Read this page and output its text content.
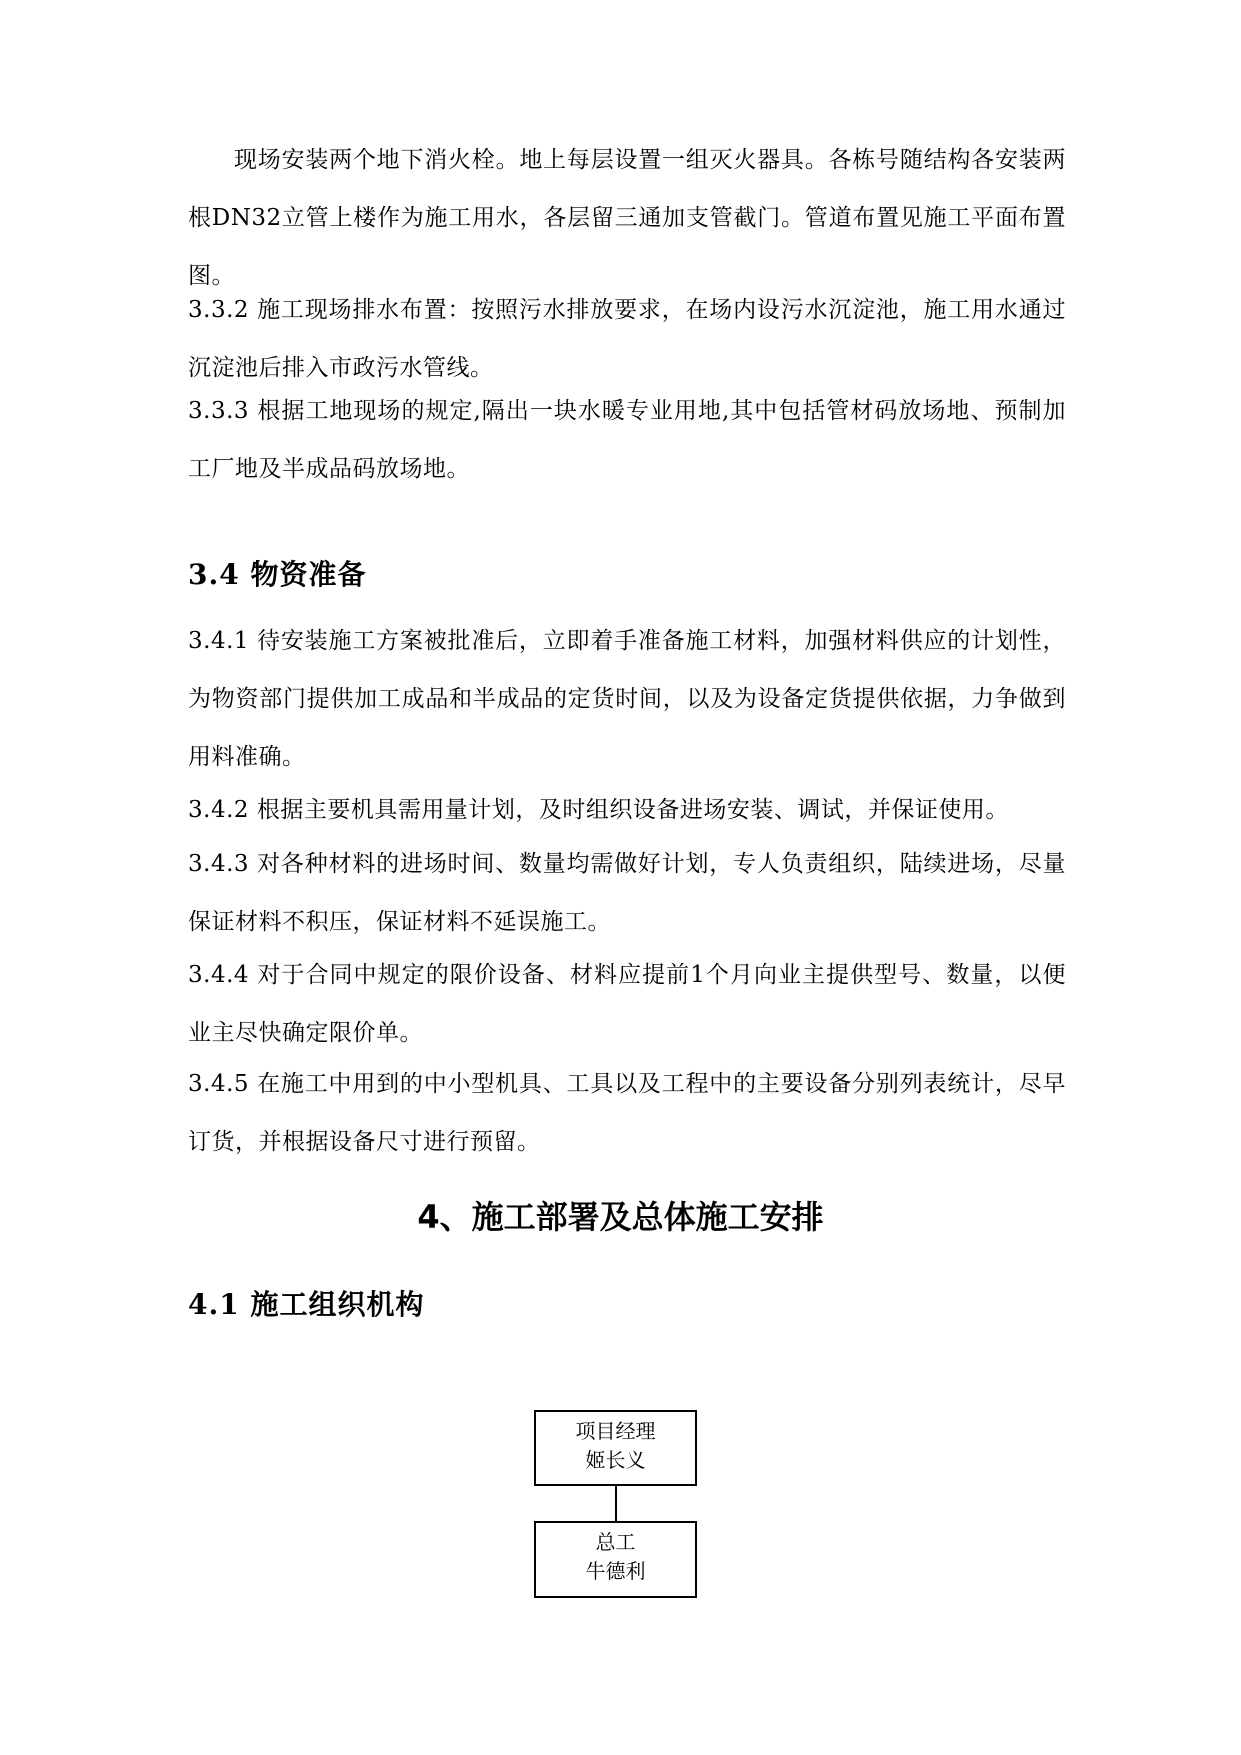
现场安装两个地下消火栓。地上每层设置一组灭火器具。各栋号随结构各安装两根DN32立管上楼作为施工用水，各层留三通加支管截门。管道布置见施工平面布置图。

3.3.2 施工现场排水布置：按照污水排放要求，在场内设污水沉淀池，施工用水通过沉淀池后排入市政污水管线。

3.3.3 根据工地现场的规定,隔出一块水暖专业用地,其中包括管材码放场地、预制加工厂地及半成品码放场地。

3.4 物资准备

3.4.1 待安装施工方案被批准后，立即着手准备施工材料，加强材料供应的计划性，为物资部门提供加工成品和半成品的定货时间，以及为设备定货提供依据，力争做到用料准确。

3.4.2 根据主要机具需用量计划，及时组织设备进场安装、调试，并保证使用。

3.4.3 对各种材料的进场时间、数量均需做好计划，专人负责组织，陆续进场，尽量保证材料不积压，保证材料不延误施工。

3.4.4 对于合同中规定的限价设备、材料应提前1个月向业主提供型号、数量，以便业主尽快确定限价单。

3.4.5 在施工中用到的中小型机具、工具以及工程中的主要设备分别列表统计，尽早订货，并根据设备尺寸进行预留。

4、施工部署及总体施工安排
4.1 施工组织机构
项目经理
姬长义
总工
牛德利
